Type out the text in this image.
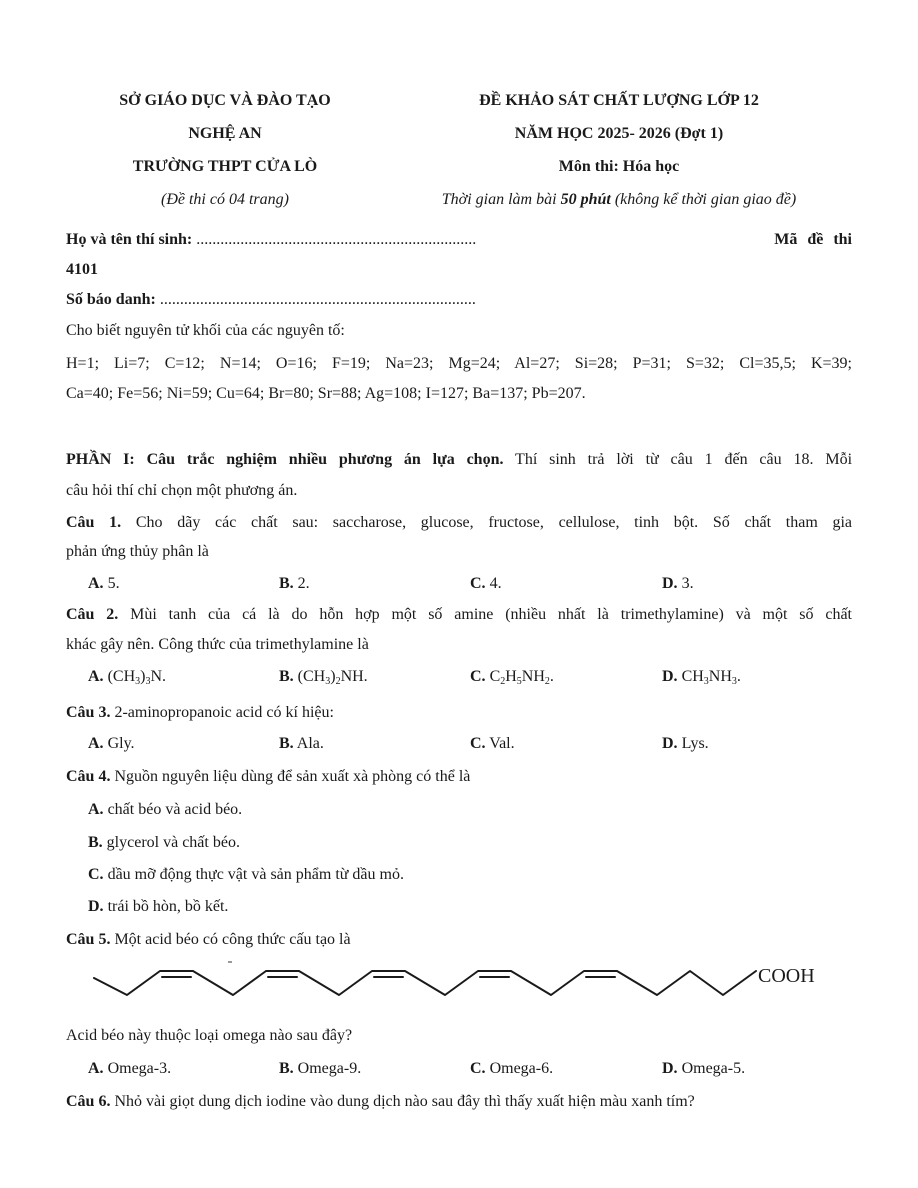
SỞ GIÁO DỤC VÀ ĐÀO TẠO
NGHỆ AN
TRƯỜNG THPT CỬA LÒ
(Đề thi có 04 trang)
ĐỀ KHẢO SÁT CHẤT LƯỢNG LỚP 12
NĂM HỌC 2025- 2026 (Đợt 1)
Môn thi: Hóa học
Thời gian làm bài 50 phút (không kể thời gian giao đề)
Họ và tên thí sinh: ......................................................................	Mã đề thi
4101
Số báo danh: ...............................................................................
Cho biết nguyên tử khối của các nguyên tố:
H=1; Li=7; C=12; N=14; O=16; F=19; Na=23; Mg=24; Al=27; Si=28; P=31; S=32; Cl=35,5; K=39;
Ca=40; Fe=56; Ni=59; Cu=64; Br=80; Sr=88; Ag=108; I=127; Ba=137; Pb=207.
PHẦN I: Câu trắc nghiệm nhiều phương án lựa chọn. Thí sinh trả lời từ câu 1 đến câu 18. Mỗi
câu hỏi thí chỉ chọn một phương án.
Câu 1. Cho dãy các chất sau: saccharose, glucose, fructose, cellulose, tinh bột. Số chất tham gia
phản ứng thủy phân là
A. 5.	B. 2.	C. 4.	D. 3.
Câu 2. Mùi tanh của cá là do hỗn hợp một số amine (nhiều nhất là trimethylamine) và một số chất
khác gây nên. Công thức của trimethylamine là
A. $(CH_3)_3N$.	B. $(CH_3)_2NH$.	C. $C_2H_5NH_2$.	D. $CH_3NH_3$.
Câu 3. 2-aminopropanoic acid có kí hiệu:
A. Gly.	B. Ala.	C. Val.	D. Lys.
Câu 4. Nguồn nguyên liệu dùng để sản xuất xà phòng có thể là
A. chất béo và acid béo.
B. glycerol và chất béo.
C. dầu mỡ động thực vật và sản phẩm từ dầu mỏ.
D. trái bồ hòn, bồ kết.
Câu 5. Một acid béo có công thức cấu tạo là
COOH
Acid béo này thuộc loại omega nào sau đây?
A. Omega-3.	B. Omega-9.	C. Omega-6.	D. Omega-5.
Câu 6. Nhỏ vài giọt dung dịch iodine vào dung dịch nào sau đây thì thấy xuất hiện màu xanh tím?
